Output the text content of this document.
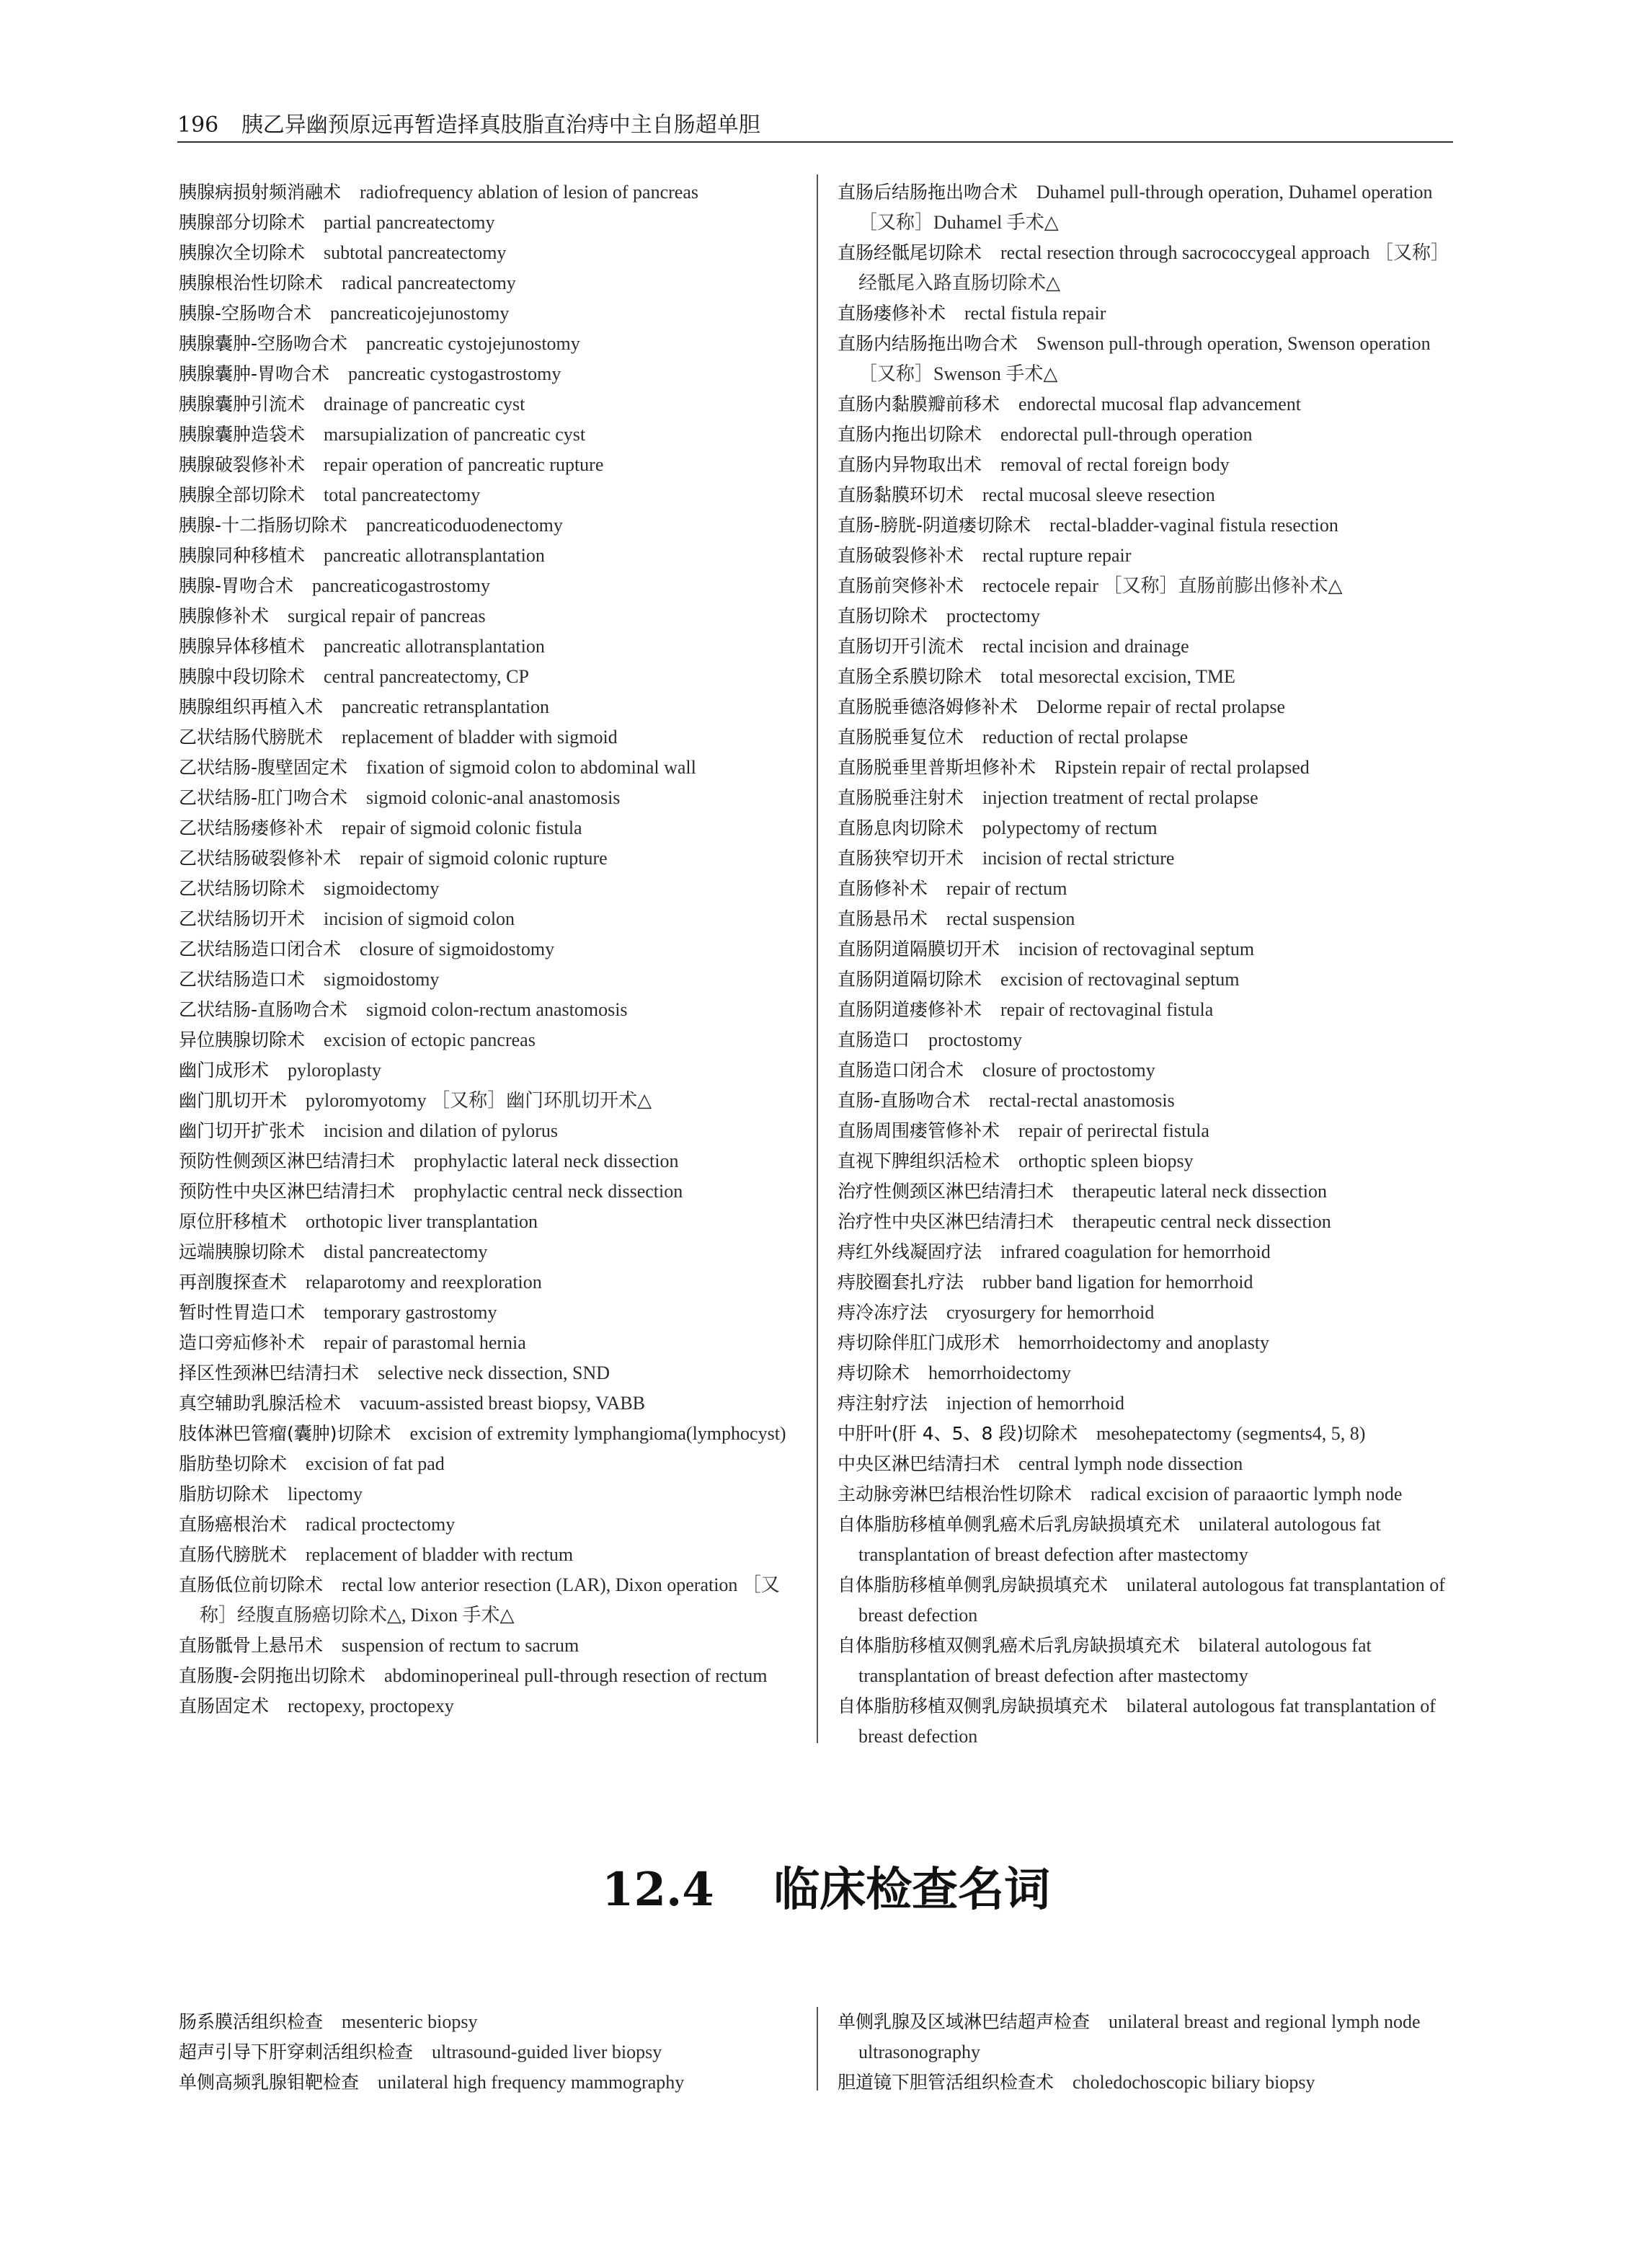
196 胰乙异幽预原远再暂造择真肢脂直治痔中主自肠超单胆
胰腺病损射频消融术 radiofrequency ablation of lesion of pancreas
胰腺部分切除术 partial pancreatectomy
胰腺次全切除术 subtotal pancreatectomy
胰腺根治性切除术 radical pancreatectomy
胰腺-空肠吻合术 pancreaticojejunostomy
胰腺囊肿-空肠吻合术 pancreatic cystojejunostomy
胰腺囊肿-胃吻合术 pancreatic cystogastrostomy
胰腺囊肿引流术 drainage of pancreatic cyst
胰腺囊肿造袋术 marsupialization of pancreatic cyst
胰腺破裂修补术 repair operation of pancreatic rupture
胰腺全部切除术 total pancreatectomy
胰腺-十二指肠切除术 pancreaticoduodenectomy
胰腺同种移植术 pancreatic allotransplantation
胰腺-胃吻合术 pancreaticogastrostomy
胰腺修补术 surgical repair of pancreas
胰腺异体移植术 pancreatic allotransplantation
胰腺中段切除术 central pancreatectomy, CP
胰腺组织再植入术 pancreatic retransplantation
乙状结肠代膀胱术 replacement of bladder with sigmoid
乙状结肠-腹壁固定术 fixation of sigmoid colon to abdominal wall
乙状结肠-肛门吻合术 sigmoid colonic-anal anastomosis
乙状结肠瘘修补术 repair of sigmoid colonic fistula
乙状结肠破裂修补术 repair of sigmoid colonic rupture
乙状结肠切除术 sigmoidectomy
乙状结肠切开术 incision of sigmoid colon
乙状结肠造口闭合术 closure of sigmoidostomy
乙状结肠造口术 sigmoidostomy
乙状结肠-直肠吻合术 sigmoid colon-rectum anastomosis
异位胰腺切除术 excision of ectopic pancreas
幽门成形术 pyloroplasty
幽门肌切开术 pyloromyotomy ［又称］幽门环肌切开术△
幽门切开扩张术 incision and dilation of pylorus
预防性侧颈区淋巴结清扫术 prophylactic lateral neck dissection
预防性中央区淋巴结清扫术 prophylactic central neck dissection
原位肝移植术 orthotopic liver transplantation
远端胰腺切除术 distal pancreatectomy
再剖腹探查术 relaparotomy and reexploration
暂时性胃造口术 temporary gastrostomy
造口旁疝修补术 repair of parastomal hernia
择区性颈淋巴结清扫术 selective neck dissection, SND
真空辅助乳腺活检术 vacuum-assisted breast biopsy, VABB
肢体淋巴管瘤(囊肿)切除术 excision of extremity lymphangioma(lymphocyst)
脂肪垫切除术 excision of fat pad
脂肪切除术 lipectomy
直肠癌根治术 radical proctectomy
直肠代膀胱术 replacement of bladder with rectum
直肠低位前切除术 rectal low anterior resection (LAR), Dixon operation ［又称］经腹直肠癌切除术△, Dixon 手术△
直肠骶骨上悬吊术 suspension of rectum to sacrum
直肠腹-会阴拖出切除术 abdominoperineal pull-through resection of rectum
直肠固定术 rectopexy, proctopexy
直肠后结肠拖出吻合术 Duhamel pull-through operation, Duhamel operation ［又称］Duhamel 手术△
直肠经骶尾切除术 rectal resection through sacrococcygeal approach ［又称］经骶尾入路直肠切除术△
直肠瘘修补术 rectal fistula repair
直肠内结肠拖出吻合术 Swenson pull-through operation, Swenson operation ［又称］Swenson 手术△
直肠内黏膜瓣前移术 endorectal mucosal flap advancement
直肠内拖出切除术 endorectal pull-through operation
直肠内异物取出术 removal of rectal foreign body
直肠黏膜环切术 rectal mucosal sleeve resection
直肠-膀胱-阴道瘘切除术 rectal-bladder-vaginal fistula resection
直肠破裂修补术 rectal rupture repair
直肠前突修补术 rectocele repair ［又称］直肠前膨出修补术△
直肠切除术 proctectomy
直肠切开引流术 rectal incision and drainage
直肠全系膜切除术 total mesorectal excision, TME
直肠脱垂德洛姆修补术 Delorme repair of rectal prolapse
直肠脱垂复位术 reduction of rectal prolapse
直肠脱垂里普斯坦修补术 Ripstein repair of rectal prolapsed
直肠脱垂注射术 injection treatment of rectal prolapse
直肠息肉切除术 polypectomy of rectum
直肠狭窄切开术 incision of rectal stricture
直肠修补术 repair of rectum
直肠悬吊术 rectal suspension
直肠阴道隔膜切开术 incision of rectovaginal septum
直肠阴道隔切除术 excision of rectovaginal septum
直肠阴道瘘修补术 repair of rectovaginal fistula
直肠造口 proctostomy
直肠造口闭合术 closure of proctostomy
直肠-直肠吻合术 rectal-rectal anastomosis
直肠周围瘘管修补术 repair of perirectal fistula
直视下脾组织活检术 orthoptic spleen biopsy
治疗性侧颈区淋巴结清扫术 therapeutic lateral neck dissection
治疗性中央区淋巴结清扫术 therapeutic central neck dissection
痔红外线凝固疗法 infrared coagulation for hemorrhoid
痔胶圈套扎疗法 rubber band ligation for hemorrhoid
痔冷冻疗法 cryosurgery for hemorrhoid
痔切除伴肛门成形术 hemorrhoidectomy and anoplasty
痔切除术 hemorrhoidectomy
痔注射疗法 injection of hemorrhoid
中肝叶(肝 4、5、8 段)切除术 mesohepatectomy (segments4, 5, 8)
中央区淋巴结清扫术 central lymph node dissection
主动脉旁淋巴结根治性切除术 radical excision of paraaortic lymph node
自体脂肪移植单侧乳癌术后乳房缺损填充术 unilateral autologous fat transplantation of breast defection after mastectomy
自体脂肪移植单侧乳房缺损填充术 unilateral autologous fat transplantation of breast defection
自体脂肪移植双侧乳癌术后乳房缺损填充术 bilateral autologous fat transplantation of breast defection after mastectomy
自体脂肪移植双侧乳房缺损填充术 bilateral autologous fat transplantation of breast defection
12.4 临床检查名词
肠系膜活组织检查 mesenteric biopsy
超声引导下肝穿刺活组织检查 ultrasound-guided liver biopsy
单侧高频乳腺钼靶检查 unilateral high frequency mammography
单侧乳腺及区域淋巴结超声检查 unilateral breast and regional lymph node ultrasonography
胆道镜下胆管活组织检查术 choledochoscopic biliary biopsy
